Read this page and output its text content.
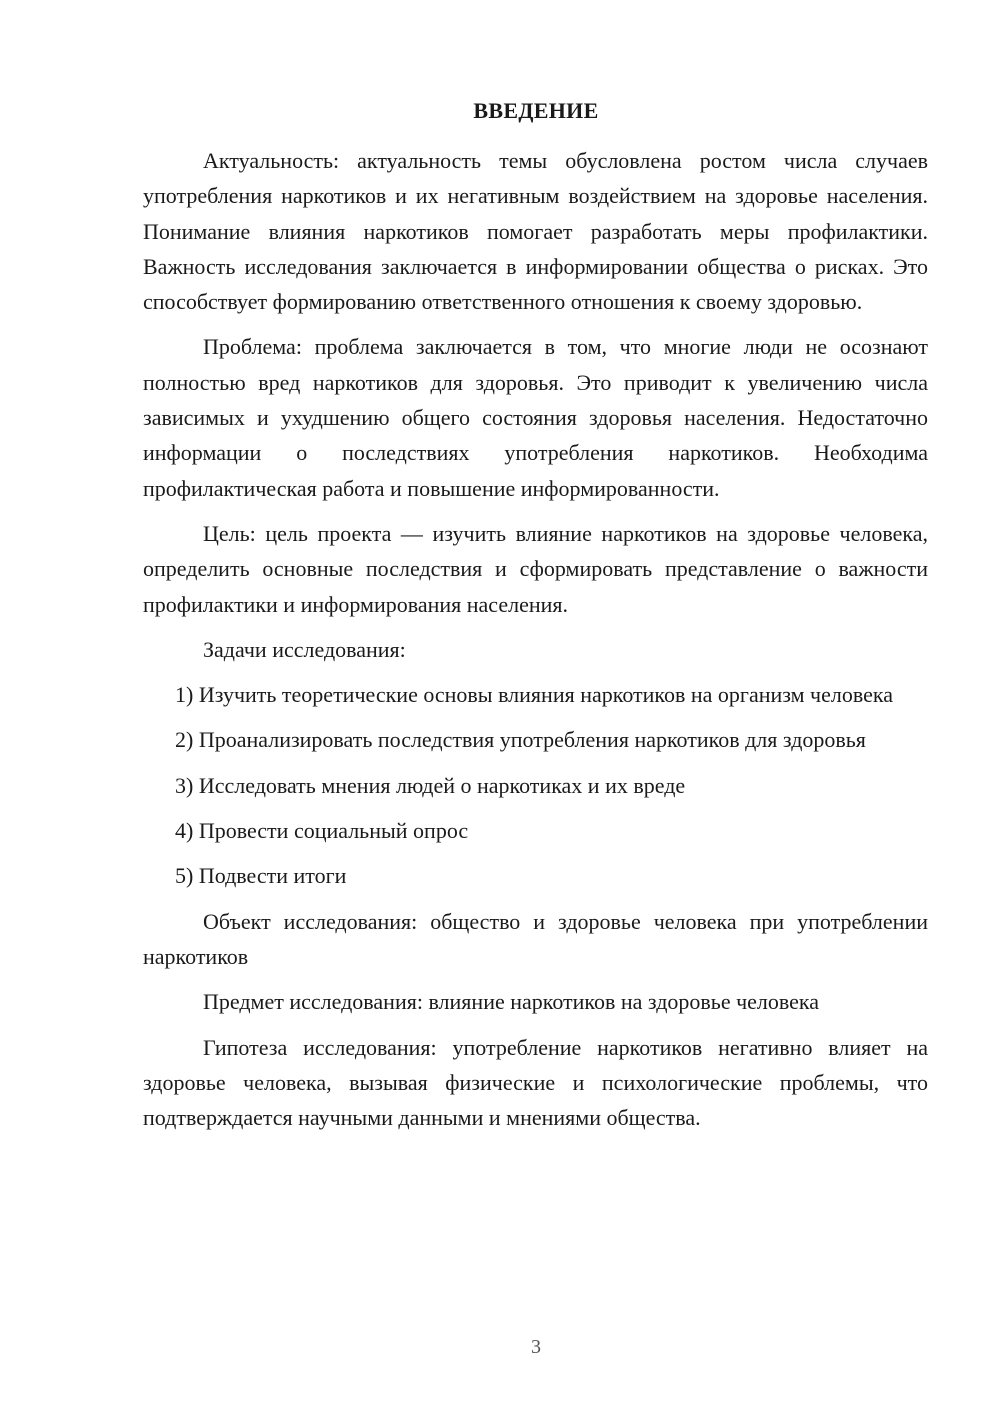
ВВЕДЕНИЕ

Актуальность: актуальность темы обусловлена ростом числа случаев употребления наркотиков и их негативным воздействием на здоровье населения. Понимание влияния наркотиков помогает разработать меры профилактики. Важность исследования заключается в информировании общества о рисках. Это способствует формированию ответственного отношения к своему здоровью.

Проблема: проблема заключается в том, что многие люди не осознают полностью вред наркотиков для здоровья. Это приводит к увеличению числа зависимых и ухудшению общего состояния здоровья населения. Недостаточно информации о последствиях употребления наркотиков. Необходима профилактическая работа и повышение информированности.

Цель: цель проекта — изучить влияние наркотиков на здоровье человека, определить основные последствия и сформировать представление о важности профилактики и информирования населения.

Задачи исследования:

1) Изучить теоретические основы влияния наркотиков на организм человека

2) Проанализировать последствия употребления наркотиков для здоровья

3) Исследовать мнения людей о наркотиках и их вреде

4) Провести социальный опрос

5) Подвести итоги

Объект исследования: общество и здоровье человека при употреблении наркотиков

Предмет исследования: влияние наркотиков на здоровье человека

Гипотеза исследования: употребление наркотиков негативно влияет на здоровье человека, вызывая физические и психологические проблемы, что подтверждается научными данными и мнениями общества.

3
